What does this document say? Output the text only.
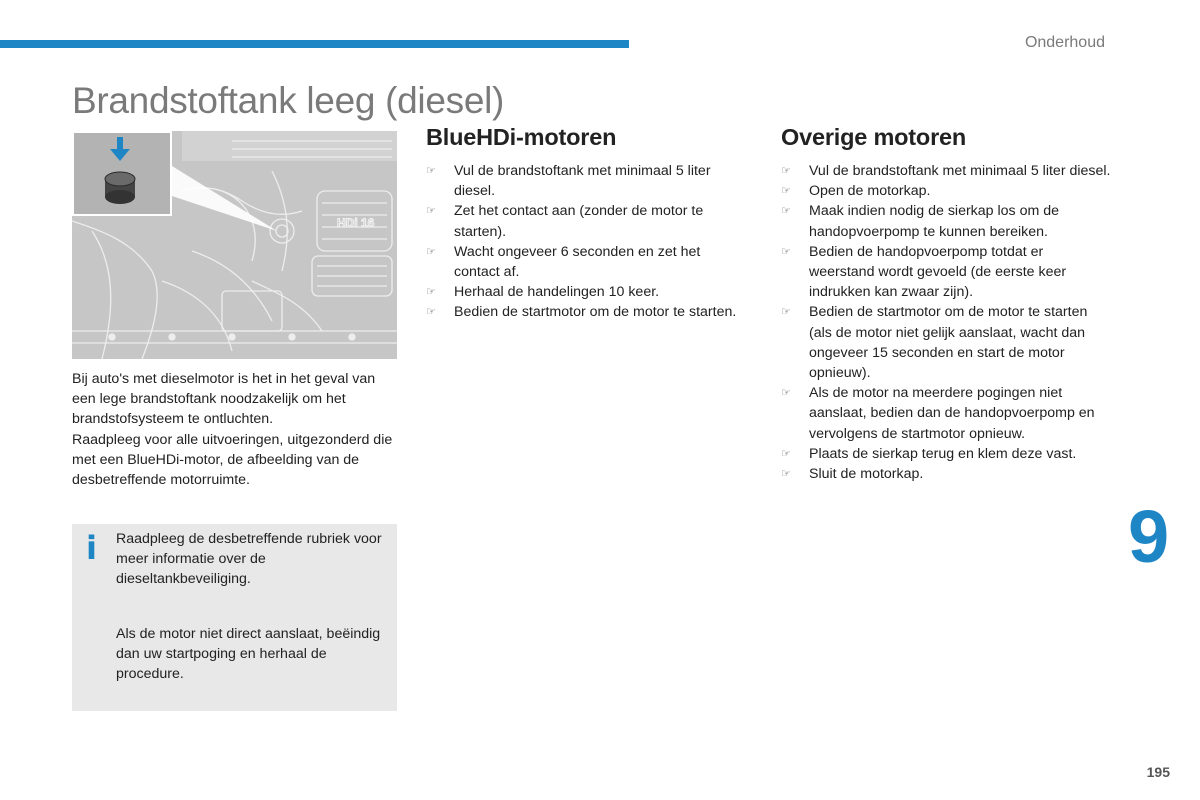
Onderhoud
Brandstoftank leeg (diesel)
HDi 16

Bij auto's met dieselmotor is het in het geval van een lege brandstoftank noodzakelijk om het brandstofsysteem te ontluchten.

Raadpleeg voor alle uitvoeringen, uitgezonderd die met een BlueHDi-motor, de afbeelding van de desbetreffende motorruimte.

i Raadpleeg de desbetreffende rubriek voor meer informatie over de dieseltankbeveiliging.

Als de motor niet direct aanslaat, beëindig dan uw startpoging en herhaal de procedure.

BlueHDi-motoren
☞ Vul de brandstoftank met minimaal 5 liter diesel.
☞ Zet het contact aan (zonder de motor te starten).
☞ Wacht ongeveer 6 seconden en zet het contact af.
☞ Herhaal de handelingen 10 keer.
☞ Bedien de startmotor om de motor te starten.
Overige motoren
☞ Vul de brandstoftank met minimaal 5 liter diesel.
☞ Open de motorkap.
☞ Maak indien nodig de sierkap los om de handopvoerpomp te kunnen bereiken.
☞ Bedien de handopvoerpomp totdat er weerstand wordt gevoeld (de eerste keer indrukken kan zwaar zijn).
☞ Bedien de startmotor om de motor te starten (als de motor niet gelijk aanslaat, wacht dan ongeveer 15 seconden en start de motor opnieuw).
☞ Als de motor na meerdere pogingen niet aanslaat, bedien dan de handopvoerpomp en vervolgens de startmotor opnieuw.
☞ Plaats de sierkap terug en klem deze vast.
☞ Sluit de motorkap.
9
195
